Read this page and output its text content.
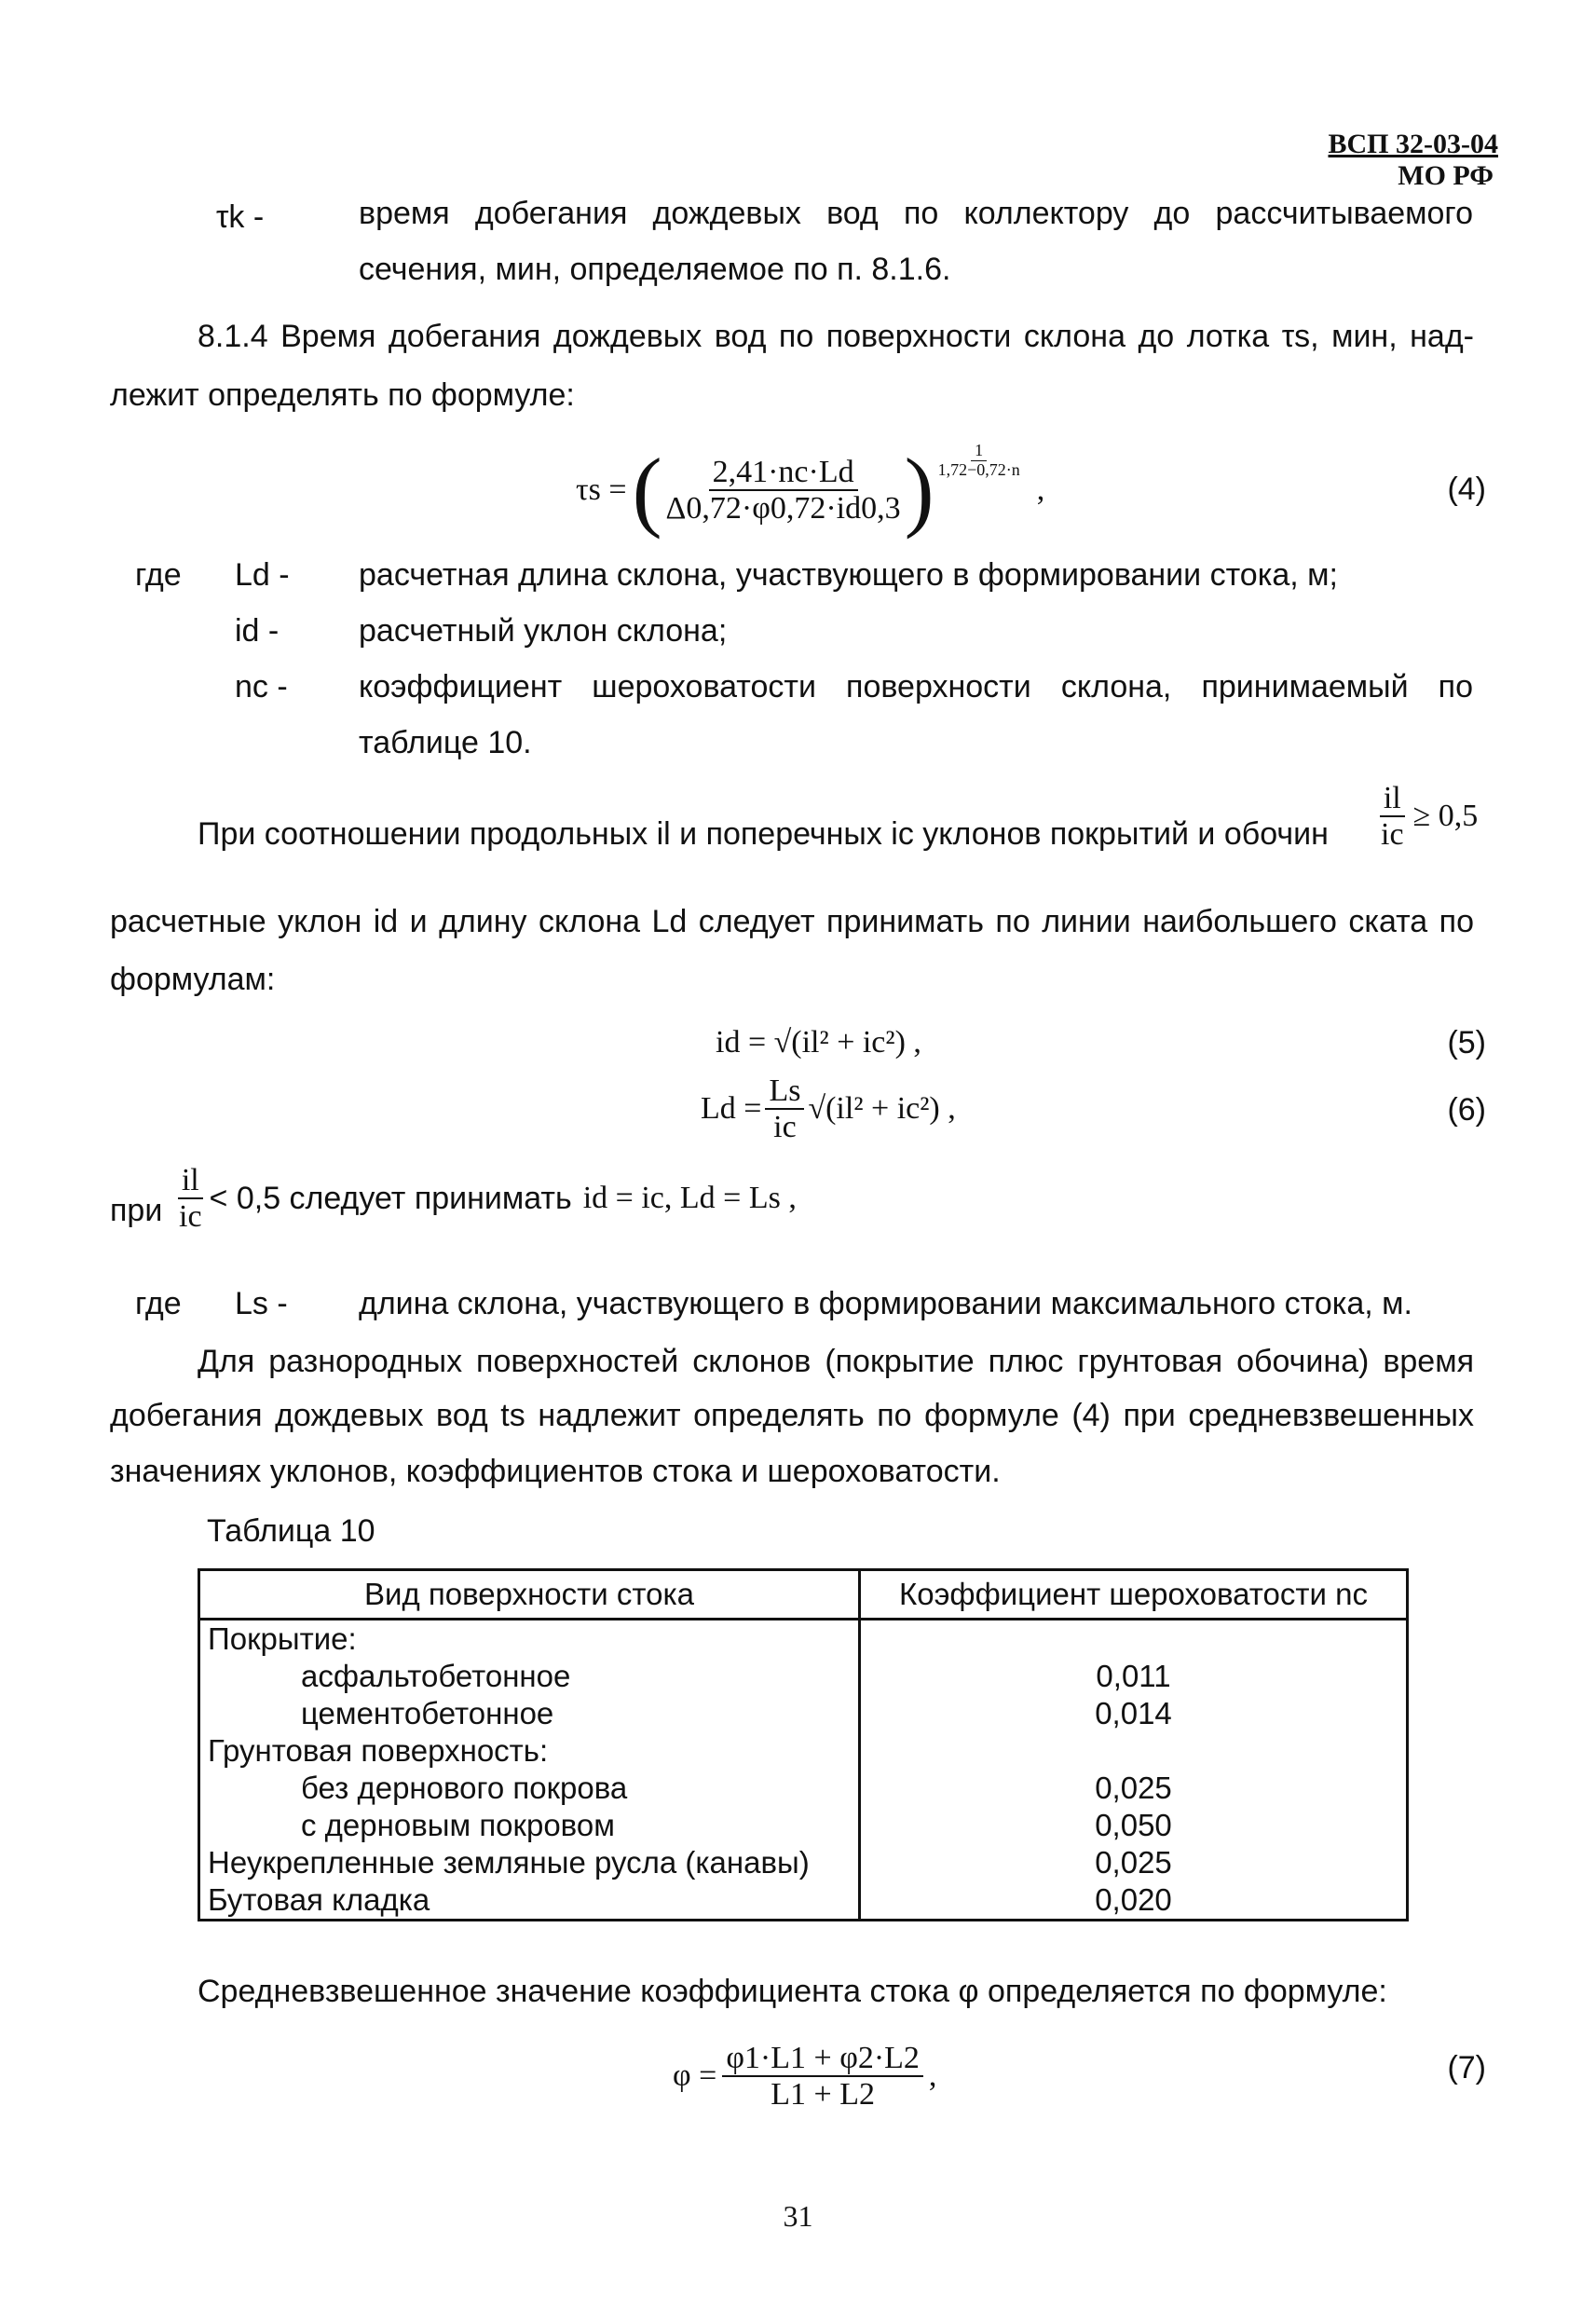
ВСП 32-03-04
МО РФ
τk -	время добегания дождевых вод по коллектору до рассчитываемого
сечения, мин, определяемое по п. 8.1.6.
8.1.4 Время добегания дождевых вод по поверхности склона до лотка τs, мин, над-
лежит определять по формуле:
τs = ( $\frac{2,41\cdot nc\cdot Ld}{\Delta 0,72\cdot\varphi 0,72\cdot id0,3}$ ) $\frac{1}{1,72-0,72\cdot n}$
,	(4)
где Ld - расчетная длина склона, участвующего в формировании стока, м;
id -	расчетный уклон склона;
nc - коэффициент шероховатости поверхности склона, принимаемый по
таблице 10.
При соотношении продольных il и поперечных ic уклонов покрытий и обочин $\frac{il}{ic} \ge 0,5$
расчетные уклон id и длину склона Ld следует принимать по линии наибольшего ската по
формулам:
id = √(il² + ic²) ,	(5)
$Ld = \frac{Ls}{ic} √(il^2 + ic^2)$ ,	(6)
при $\frac{il}{ic} < 0,5$ следует принимать id = ic, Ld = Ls ,
где Ls - длина склона, участвующего в формировании максимального стока, м.
Для разнородных поверхностей склонов (покрытие плюс грунтовая обочина) время
добегания дождевых вод ts надлежит определять по формуле (4) при средневзвешенных
значениях уклонов, коэффициентов стока и шероховатости.
Таблица 10
Вид поверхности стока	Коэффициент шероховатости nc
Покрытие:	
асфальтобетонное	0,011
цементобетонное	0,014
Грунтовая поверхность:	
без дернового покрова	0,025
с дерновым покровом	0,050
Неукрепленные земляные русла (канавы)	0,025
Бутовая кладка	0,020
Средневзвешенное значение коэффициента стока φ определяется по формуле:
$\varphi = \frac{\varphi 1\cdot L1 + \varphi 2\cdot L2}{L1 + L2}$ ,	(7)
31
